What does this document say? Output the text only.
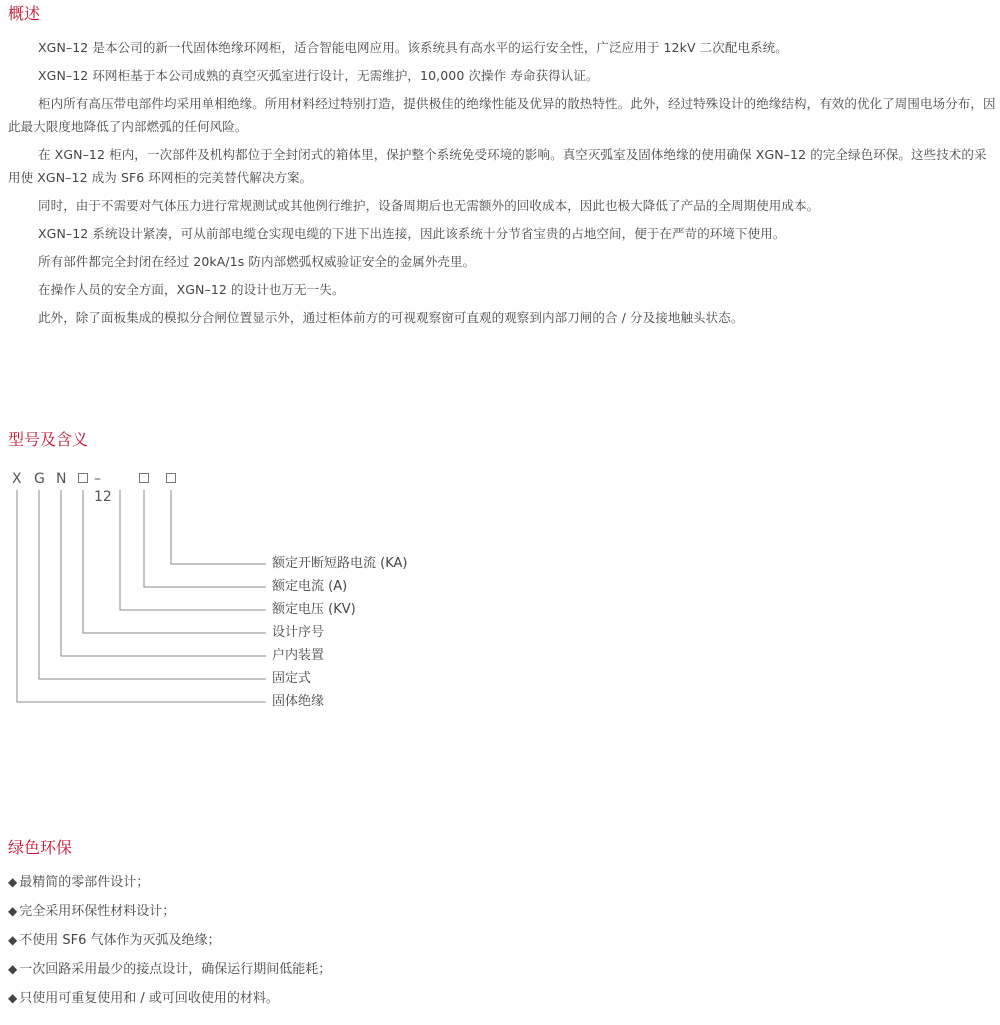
概述

XGN–12 是本公司的新一代固体绝缘环网柜，适合智能电网应用。该系统具有高水平的运行安全性，广泛应用于 12kV 二次配电系统。

XGN–12 环网柜基于本公司成熟的真空灭弧室进行设计，无需维护，10,000 次操作 寿命获得认证。

柜内所有高压带电部件均采用单相绝缘。所用材料经过特别打造，提供极佳的绝缘性能及优异的散热特性。此外，经过特殊设计的绝缘结构，有效的优化了周围电场分布，因此最大限度地降低了内部燃弧的任何风险。

在 XGN–12 柜内，一次部件及机构都位于全封闭式的箱体里，保护整个系统免受环境的影响。真空灭弧室及固体绝缘的使用确保 XGN–12 的完全绿色环保。这些技术的采用使 XGN–12 成为 SF6 环网柜的完美替代解决方案。

同时，由于不需要对气体压力进行常规测试或其他例行维护，设备周期后也无需额外的回收成本，因此也极大降低了产品的全周期使用成本。

XGN–12 系统设计紧凑，可从前部电缆仓实现电缆的下进下出连接，因此该系统十分节省宝贵的占地空间，便于在严苛的环境下使用。

所有部件都完全封闭在经过 20kA/1s 防内部燃弧权威验证安全的金属外壳里。

在操作人员的安全方面，XGN–12 的设计也万无一失。

此外，除了面板集成的模拟分合闸位置显示外，通过柜体前方的可视观察窗可直观的观察到内部刀闸的合 / 分及接地触头状态。

型号及含义
X G N – 12
额定开断短路电流 (KA)
额定电流 (A)
额定电压 (KV)
设计序号
户内装置
固定式
固体绝缘
绿色环保
◆ 最精简的零部件设计；
◆ 完全采用环保性材料设计；
◆ 不使用 SF6 气体作为灭弧及绝缘；
◆ 一次回路采用最少的接点设计，确保运行期间低能耗；
◆ 只使用可重复使用和 / 或可回收使用的材料。
